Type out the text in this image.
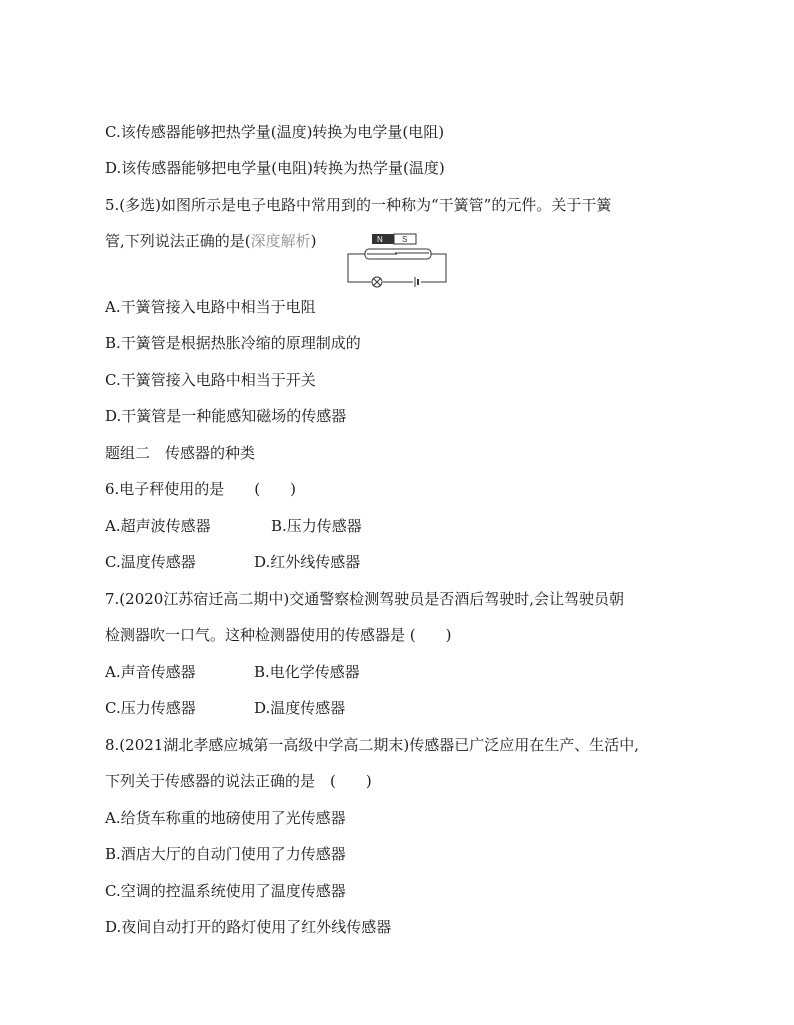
C.该传感器能够把热学量(温度)转换为电学量(电阻)
D.该传感器能够把电学量(电阻)转换为热学量(温度)
5.(多选)如图所示是电子电路中常用到的一种称为“干簧管”的元件。关于干簧
管,下列说法正确的是(深度解析)	N S
A.干簧管接入电路中相当于电阻
B.干簧管是根据热胀冷缩的原理制成的
C.干簧管接入电路中相当于开关
D.干簧管是一种能感知磁场的传感器
题组二　传感器的种类
6.电子秤使用的是　　(　　)
A.超声波传感器	B.压力传感器
C.温度传感器	D.红外线传感器
7.(2020江苏宿迁高二期中)交通警察检测驾驶员是否酒后驾驶时,会让驾驶员朝
检测器吹一口气。这种检测器使用的传感器是 (　　)
A.声音传感器	B.电化学传感器
C.压力传感器	D.温度传感器
8.(2021湖北孝感应城第一高级中学高二期末)传感器已广泛应用在生产、生活中,
下列关于传感器的说法正确的是　(　　)
A.给货车称重的地磅使用了光传感器
B.酒店大厅的自动门使用了力传感器
C.空调的控温系统使用了温度传感器
D.夜间自动打开的路灯使用了红外线传感器
